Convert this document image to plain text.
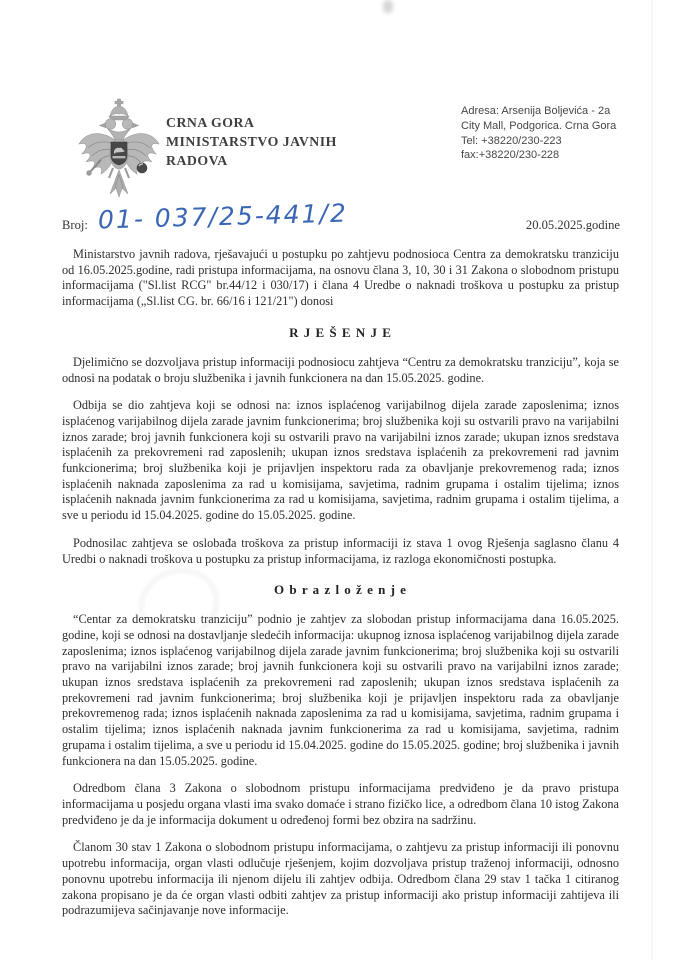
CRNA GORA
MINISTARSTVO JAVNIH
RADOVA
Adresa: Arsenija Boljevića - 2a
City Mall, Podgorica. Crna Gora
Tel: +38220/230-223
fax:+38220/230-228
Broj: 01- 037/25-441/2	20.05.2025.godine

Ministarstvo javnih radova, rješavajući u postupku po zahtjevu podnosioca Centra za demokratsku tranziciju od 16.05.2025.godine, radi pristupa informacijama, na osnovu člana 3, 10, 30 i 31 Zakona o slobodnom pristupu informacijama ("Sl.list RCG" br.44/12 i 030/17) i člana 4 Uredbe o naknadi troškova u postupku za pristup informacijama („Sl.list CG. br. 66/16 i 121/21") donosi

R J E Š E N J E

Djelimično se dozvoljava pristup informaciji podnosiocu zahtjeva “Centru za demokratsku tranziciju”, koja se odnosi na podatak o broju službenika i javnih funkcionera na dan 15.05.2025. godine.

Odbija se dio zahtjeva koji se odnosi na: iznos isplaćenog varijabilnog dijela zarade zaposlenima; iznos isplaćenog varijabilnog dijela zarade javnim funkcionerima; broj službenika koji su ostvarili pravo na varijabilni iznos zarade; broj javnih funkcionera koji su ostvarili pravo na varijabilni iznos zarade; ukupan iznos sredstava isplaćenih za prekovremeni rad zaposlenih; ukupan iznos sredstava isplaćenih za prekovremeni rad javnim funkcionerima; broj službenika koji je prijavljen inspektoru rada za obavljanje prekovremenog rada; iznos isplaćenih naknada zaposlenima za rad u komisijama, savjetima, radnim grupama i ostalim tijelima; iznos isplaćenih naknada javnim funkcionerima za rad u komisijama, savjetima, radnim grupama i ostalim tijelima, a sve u periodu id 15.04.2025. godine do 15.05.2025. godine.

Podnosilac zahtjeva se oslobađa troškova za pristup informaciji iz stava 1 ovog Rješenja saglasno članu 4 Uredbi o naknadi troškova u postupku za pristup informacijama, iz razloga ekonomičnosti postupka.

O b r a z l o ž e n j e

“Centar za demokratsku tranziciju” podnio je zahtjev za slobodan pristup informacijama dana 16.05.2025. godine, koji se odnosi na dostavljanje sledećih informacija: ukupnog iznosa isplaćenog varijabilnog dijela zarade zaposlenima; iznos isplaćenog varijabilnog dijela zarade javnim funkcionerima; broj službenika koji su ostvarili pravo na varijabilni iznos zarade; broj javnih funkcionera koji su ostvarili pravo na varijabilni iznos zarade; ukupan iznos sredstava isplaćenih za prekovremeni rad zaposlenih; ukupan iznos sredstava isplaćenih za prekovremeni rad javnim funkcionerima; broj službenika koji je prijavljen inspektoru rada za obavljanje prekovremenog rada; iznos isplaćenih naknada zaposlenima za rad u komisijama, savjetima, radnim grupama i ostalim tijelima; iznos isplaćenih naknada javnim funkcionerima za rad u komisijama, savjetima, radnim grupama i ostalim tijelima, a sve u periodu id 15.04.2025. godine do 15.05.2025. godine; broj službenika i javnih funkcionera na dan 15.05.2025. godine.

Odredbom člana 3 Zakona o slobodnom pristupu informacijama predviđeno je da pravo pristupa informacijama u posjedu organa vlasti ima svako domaće i strano fizičko lice, a odredbom člana 10 istog Zakona predviđeno je da je informacija dokument u određenoj formi bez obzira na sadržinu.

Članom 30 stav 1 Zakona o slobodnom pristupu informacijama, o zahtjevu za pristup informaciji ili ponovnu upotrebu informacija, organ vlasti odlučuje rješenjem, kojim dozvoljava pristup traženoj informaciji, odnosno ponovnu upotrebu informacija ili njenom dijelu ili zahtjev odbija. Odredbom člana 29 stav 1 tačka 1 citiranog zakona propisano je da će organ vlasti odbiti zahtjev za pristup informaciji ako pristup informaciji zahtijeva ili podrazumijeva sačinjavanje nove informacije.
